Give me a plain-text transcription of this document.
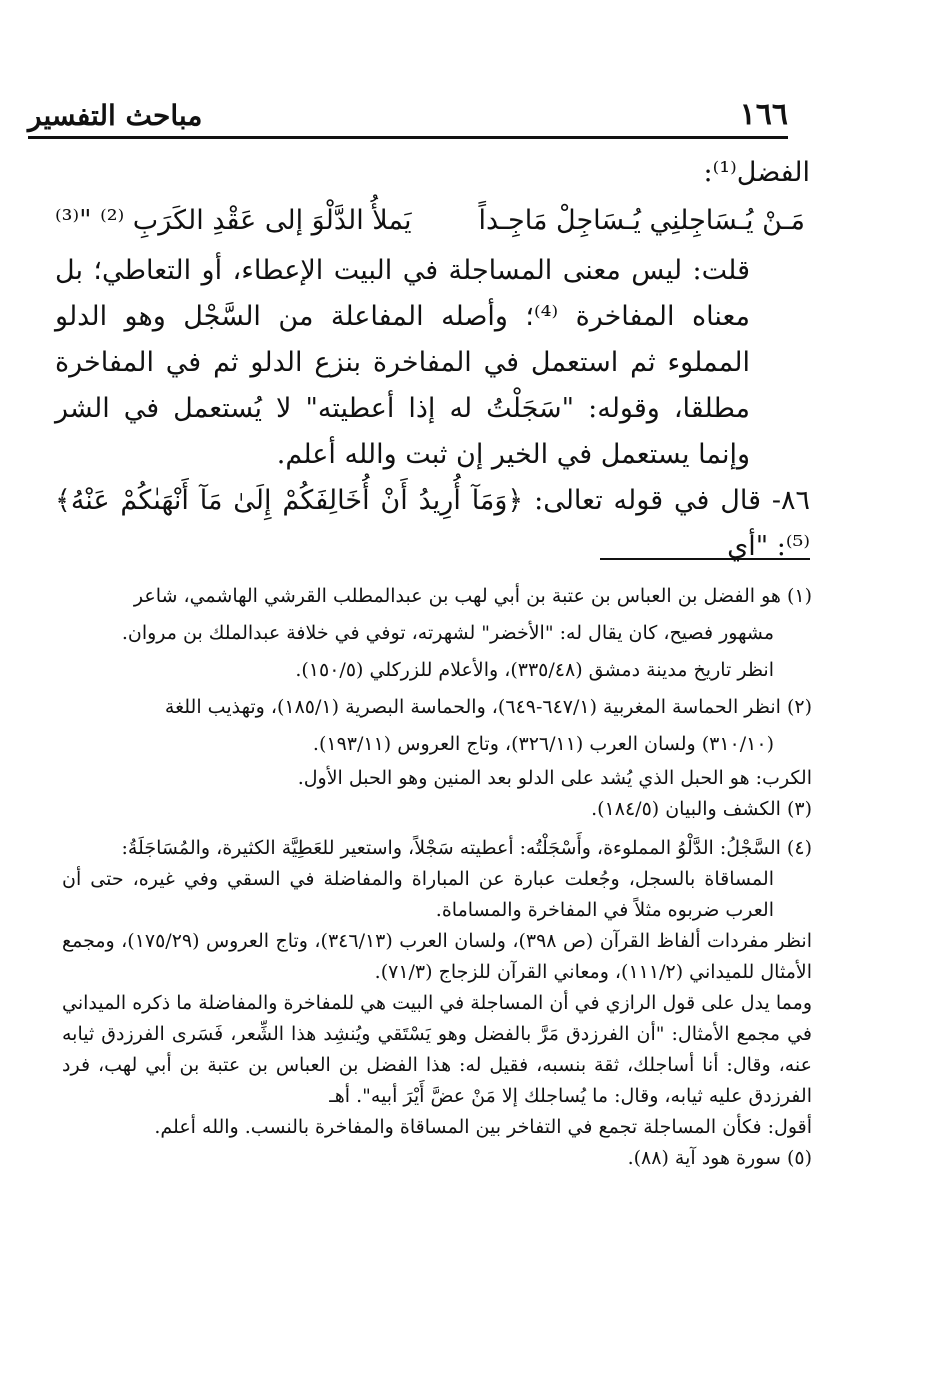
١٦٦
مباحث التفسير

الفضل⁽¹⁾:

مَـنْ يُـسَاجِلنِي يُـسَاجِلْ مَاجِـداً
يَملأُ الدَّلْوَ إلى عَقْدِ الكَرَبِ ⁽²⁾ "⁽³⁾

قلت: ليس معنى المساجلة في البيت الإعطاء، أو التعاطي؛ بل معناه المفاخرة ⁽⁴⁾؛ وأصله المفاعلة من السَّجْل وهو الدلو المملوء ثم استعمل في المفاخرة بنزع الدلو ثم في المفاخرة مطلقا، وقوله: "سَجَلْتُ له إذا أعطيته" لا يُستعمل في الشر وإنما يستعمل في الخير إن ثبت والله أعلم.

٨٦- قال في قوله تعالى: ﴿وَمَآ أُرِيدُ أَنْ أُخَالِفَكُمْ إِلَىٰ مَآ أَنْهَىٰكُمْ عَنْهُ﴾⁽⁵⁾: "أي

(١) هو الفضل بن العباس بن عتبة بن أبي لهب بن عبدالمطلب القرشي الهاشمي، شاعر

مشهور فصيح، كان يقال له: "الأخضر" لشهرته، توفي في خلافة عبدالملك بن مروان.

انظر تاريخ مدينة دمشق (٣٣٥/٤٨)، والأعلام للزركلي (١٥٠/٥).

(٢) انظر الحماسة المغربية (٦٤٧/١-٦٤٩)، والحماسة البصرية (١٨٥/١)، وتهذيب اللغة

(٣١٠/١٠) ولسان العرب (٣٢٦/١١)، وتاج العروس (١٩٣/١١).

الكرب: هو الحبل الذي يُشد على الدلو بعد المنين وهو الحبل الأول.

(٣) الكشف والبيان (١٨٤/٥).

(٤) السَّجْلُ: الدَّلْوُ المملوءة، وأَسْجَلْتُه: أعطيته سَجْلاً، واستعير للعَطِيَّة الكثيرة، والمُسَاجَلَةُ:

المساقاة بالسجل، وجُعلت عبارة عن المباراة والمفاضلة في السقي وفي غيره، حتى أن العرب ضربوه مثلاً في المفاخرة والمساماة.

انظر مفردات ألفاظ القرآن (ص ٣٩٨)، ولسان العرب (٣٤٦/١٣)، وتاج العروس (١٧٥/٢٩)، ومجمع الأمثال للميداني (١١١/٢)، ومعاني القرآن للزجاج (٧١/٣).

ومما يدل على قول الرازي في أن المساجلة في البيت هي للمفاخرة والمفاضلة ما ذكره الميداني في مجمع الأمثال: "أن الفرزدق مَرَّ بالفضل وهو يَسْتَقي ويُنشِد هذا الشِّعر، فَسَرى الفرزدق ثيابه عنه، وقال: أنا أساجلك، ثقة بنسبه، فقيل له: هذا الفضل بن العباس بن عتبة بن أبي لهب، فرد الفرزدق عليه ثيابه، وقال: ما يُساجلك إلا مَنْ عضَّ أَيْرَ أبيه". أهـ

أقول: فكأن المساجلة تجمع في التفاخر بين المساقاة والمفاخرة بالنسب. والله أعلم.

(٥) سورة هود آية (٨٨).
